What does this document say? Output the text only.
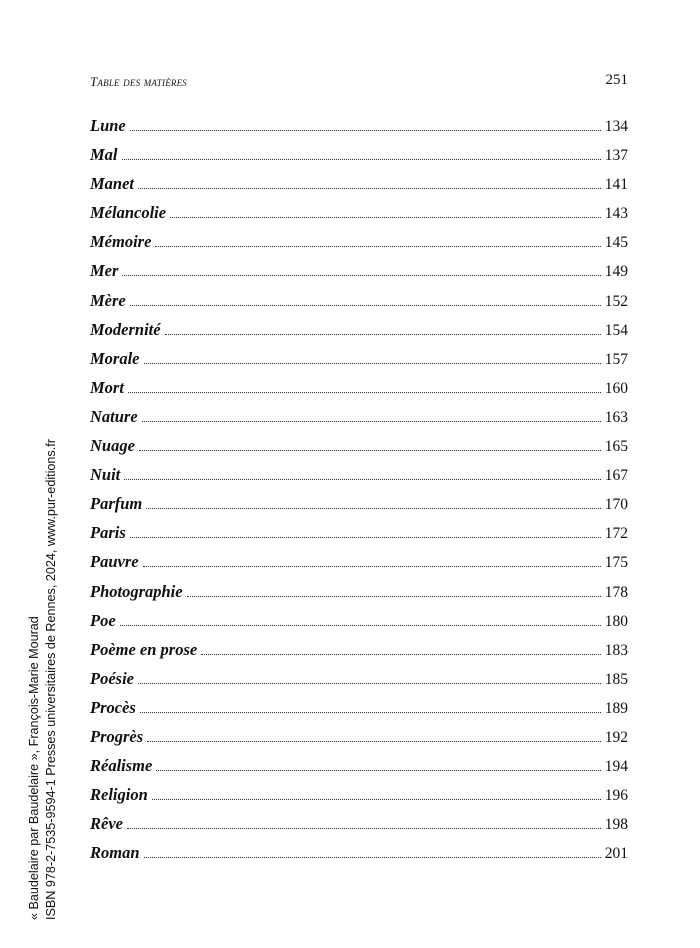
Table des matières	251
Lune	134
Mal	137
Manet	141
Mélancolie	143
Mémoire	145
Mer	149
Mère	152
Modernité	154
Morale	157
Mort	160
Nature	163
Nuage	165
Nuit	167
Parfum	170
Paris	172
Pauvre	175
Photographie	178
Poe	180
Poème en prose	183
Poésie	185
Procès	189
Progrès	192
Réalisme	194
Religion	196
Rêve	198
Roman	201
« Baudelaire par Baudelaire », François-Marie Mourad ISBN 978-2-7535-9594-1 Presses universitaires de Rennes, 2024, www.pur-editions.fr
